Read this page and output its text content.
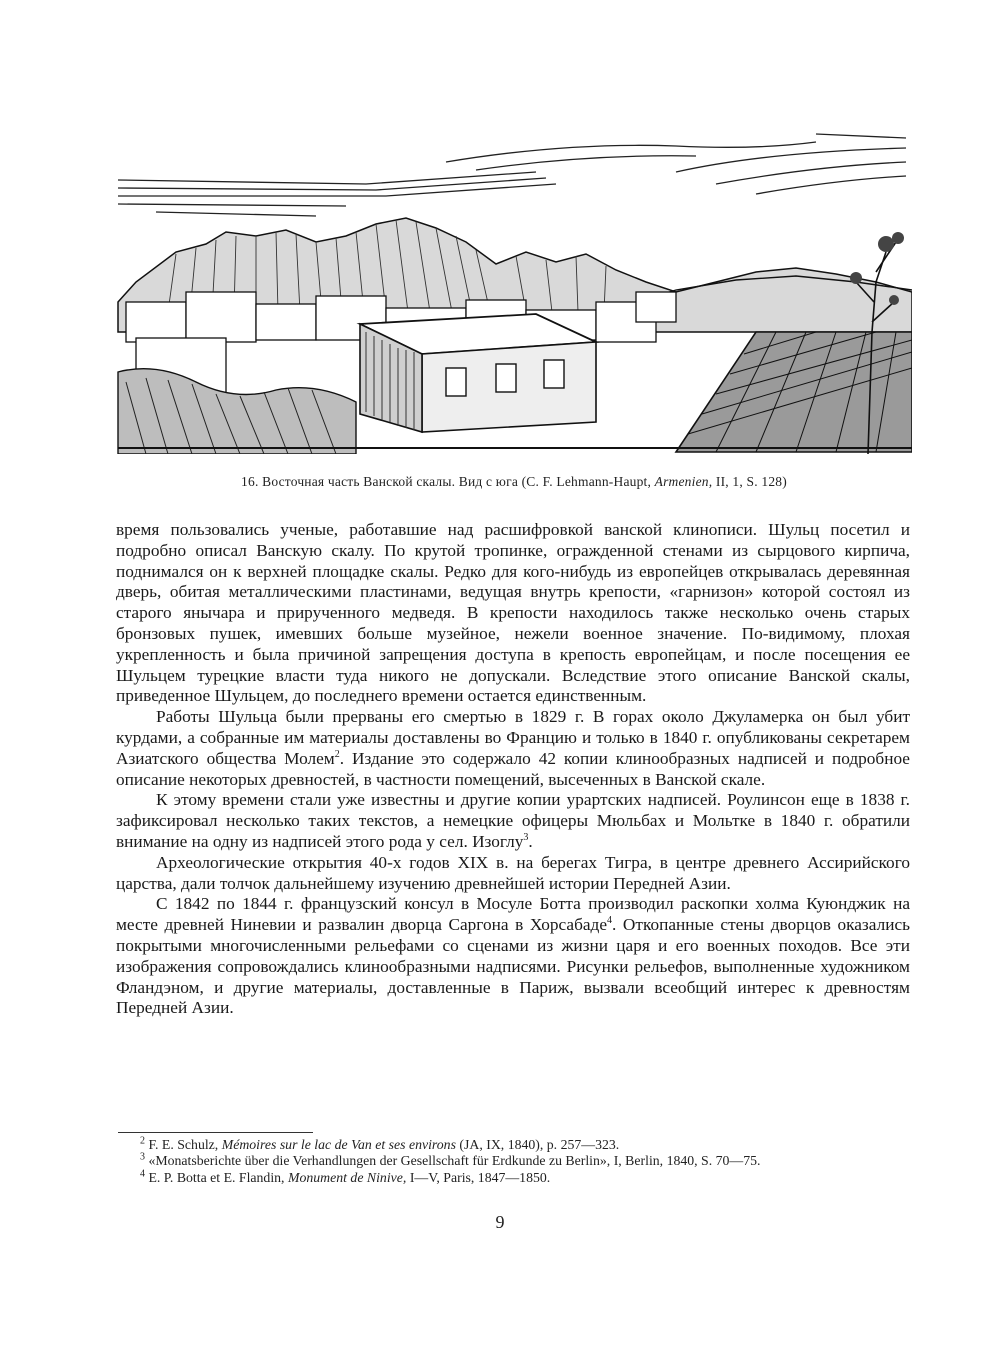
16. Восточная часть Ванской скалы. Вид с юга (C. F. Lehmann-Haupt, Armenien, II, 1, S. 128)

время пользовались ученые, работавшие над расшифровкой ванской клинописи. Шульц посетил и подробно описал Ванскую скалу. По крутой тропинке, огражденной стенами из сырцового кирпича, поднимался он к верхней площадке скалы. Редко для кого-нибудь из европейцев открывалась деревянная дверь, обитая металлическими пластинами, ведущая внутрь крепости, «гарнизон» которой состоял из старого янычара и прирученного медведя. В крепости находилось также несколько очень старых бронзовых пушек, имевших больше музейное, нежели военное значение. По-видимому, плохая укрепленность и была причиной запрещения доступа в крепость европейцам, и после посещения ее Шульцем турецкие власти туда никого не допускали. Вследствие этого описание Ванской скалы, приведенное Шульцем, до последнего времени остается единственным.

Работы Шульца были прерваны его смертью в 1829 г. В горах около Джуламерка он был убит курдами, а собранные им материалы доставлены во Францию и только в 1840 г. опубликованы секретарем Азиатского общества Молем$^2$. Издание это содержало 42 копии клинообразных надписей и подробное описание некоторых древностей, в частности помещений, высеченных в Ванской скале.

К этому времени стали уже известны и другие копии урартских надписей. Роулинсон еще в 1838 г. зафиксировал несколько таких текстов, а немецкие офицеры Мюльбах и Мольтке в 1840 г. обратили внимание на одну из надписей этого рода у сел. Изоглу$^3$.

Археологические открытия 40-х годов XIX в. на берегах Тигра, в центре древнего Ассирийского царства, дали толчок дальнейшему изучению древнейшей истории Передней Азии.

С 1842 по 1844 г. французский консул в Мосуле Ботта производил раскопки холма Куюнджик на месте древней Ниневии и развалин дворца Саргона в Хорсабаде$^4$. Откопанные стены дворцов оказались покрытыми многочисленными рельефами со сценами из жизни царя и его военных походов. Все эти изображения сопровождались клинообразными надписями. Рисунки рельефов, выполненные художником Фландэном, и другие материалы, доставленные в Париж, вызвали всеобщий интерес к древностям Передней Азии.

$^2$ F. E. Schulz, Mémoires sur le lac de Van et ses environs (JA, IX, 1840), p. 257—323.
$^3$ «Monatsberichte über die Verhandlungen der Gesellschaft für Erdkunde zu Berlin», I, Berlin, 1840, S. 70—75.
$^4$ E. P. Botta et E. Flandin, Monument de Ninive, I—V, Paris, 1847—1850.
9
